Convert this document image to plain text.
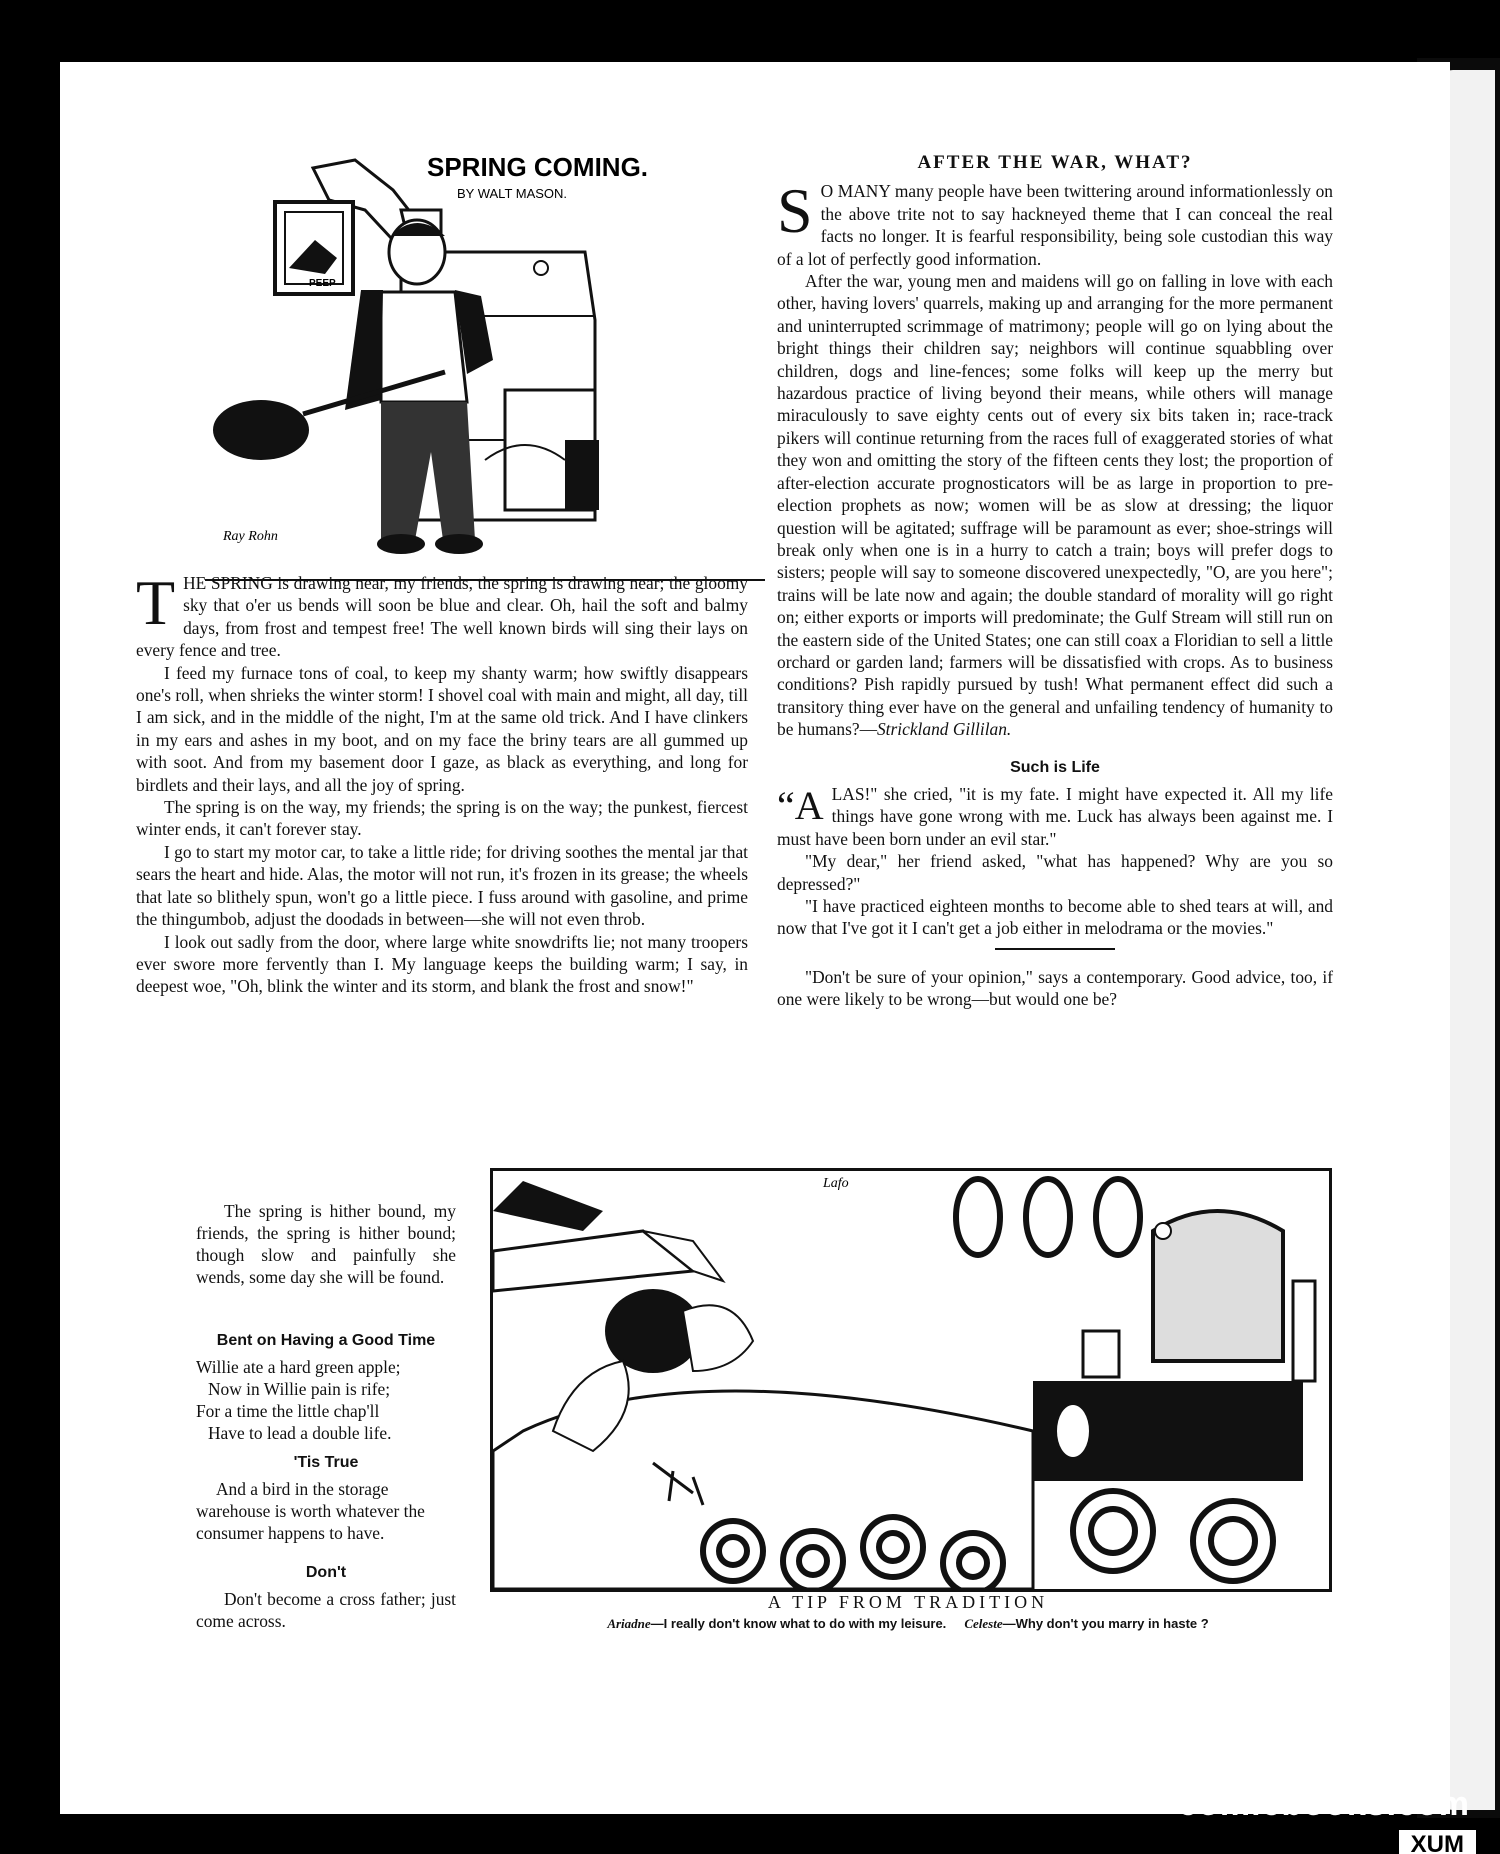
Ray Rohn
SPRING COMING.
BY WALT MASON.
PEEP

THE SPRING is drawing near, my friends, the spring is drawing near; the gloomy sky that o'er us bends will soon be blue and clear. Oh, hail the soft and balmy days, from frost and tempest free! The well known birds will sing their lays on every fence and tree.

I feed my furnace tons of coal, to keep my shanty warm; how swiftly disappears one's roll, when shrieks the winter storm! I shovel coal with main and might, all day, till I am sick, and in the middle of the night, I'm at the same old trick. And I have clinkers in my ears and ashes in my boot, and on my face the briny tears are all gummed up with soot. And from my basement door I gaze, as black as everything, and long for birdlets and their lays, and all the joy of spring.

The spring is on the way, my friends; the spring is on the way; the punkest, fiercest winter ends, it can't forever stay.

I go to start my motor car, to take a little ride; for driving soothes the mental jar that sears the heart and hide. Alas, the motor will not run, it's frozen in its grease; the wheels that late so blithely spun, won't go a little piece. I fuss around with gasoline, and prime the thingumbob, adjust the doodads in between—she will not even throb.

I look out sadly from the door, where large white snowdrifts lie; not many troopers ever swore more fervently than I. My language keeps the building warm; I say, in deepest woe, "Oh, blink the winter and its storm, and blank the frost and snow!"

The spring is hither bound, my friends, the spring is hither bound; though slow and painfully she wends, some day she will be found.

Bent on Having a Good Time
Willie ate a hard green apple;
Now in Willie pain is rife;
For a time the little chap'll
Have to lead a double life.
'Tis True

And a bird in the storage warehouse is worth whatever the consumer happens to have.

Don't

Don't become a cross father; just come across.

AFTER THE WAR, WHAT?

S O MANY many people have been twittering around informationlessly on the above trite not to say hackneyed theme that I can conceal the real facts no longer. It is fearful responsibility, being sole custodian this way of a lot of perfectly good information.

After the war, young men and maidens will go on falling in love with each other, having lovers' quarrels, making up and arranging for the more permanent and uninterrupted scrimmage of matrimony; people will go on lying about the bright things their children say; neighbors will continue squabbling over children, dogs and line-fences; some folks will keep up the merry but hazardous practice of living beyond their means, while others will manage miraculously to save eighty cents out of every six bits taken in; race-track pikers will continue returning from the races full of exaggerated stories of what they won and omitting the story of the fifteen cents they lost; the proportion of after-election accurate prognosticators will be as large in proportion to pre-election prophets as now; women will be as slow at dressing; the liquor question will be agitated; suffrage will be paramount as ever; shoe-strings will break only when one is in a hurry to catch a train; boys will prefer dogs to sisters; people will say to someone discovered unexpectedly, "O, are you here"; trains will be late now and again; the double standard of morality will go right on; either exports or imports will predominate; the Gulf Stream will still run on the eastern side of the United States; one can still coax a Floridian to sell a little orchard or garden land; farmers will be dissatisfied with crops. As to business conditions? Pish rapidly pursued by tush! What permanent effect did such a transitory thing ever have on the general and unfailing tendency of humanity to be humans?—Strickland Gillilan.

Such is Life

“A LAS!" she cried, "it is my fate. I might have expected it. All my life things have gone wrong with me. Luck has always been against me. I must have been born under an evil star."

"My dear," her friend asked, "what has happened? Why are you so depressed?"

"I have practiced eighteen months to become able to shed tears at will, and now that I've got it I can't get a job either in melodrama or the movies."

"Don't be sure of your opinion," says a contemporary. Good advice, too, if one were likely to be wrong—but would one be?

Lafo
A TIP FROM TRADITION
Ariadne—I really don't know what to do with my leisure. Celeste—Why don't you marry in haste ?
comicbooks.com
XUM
